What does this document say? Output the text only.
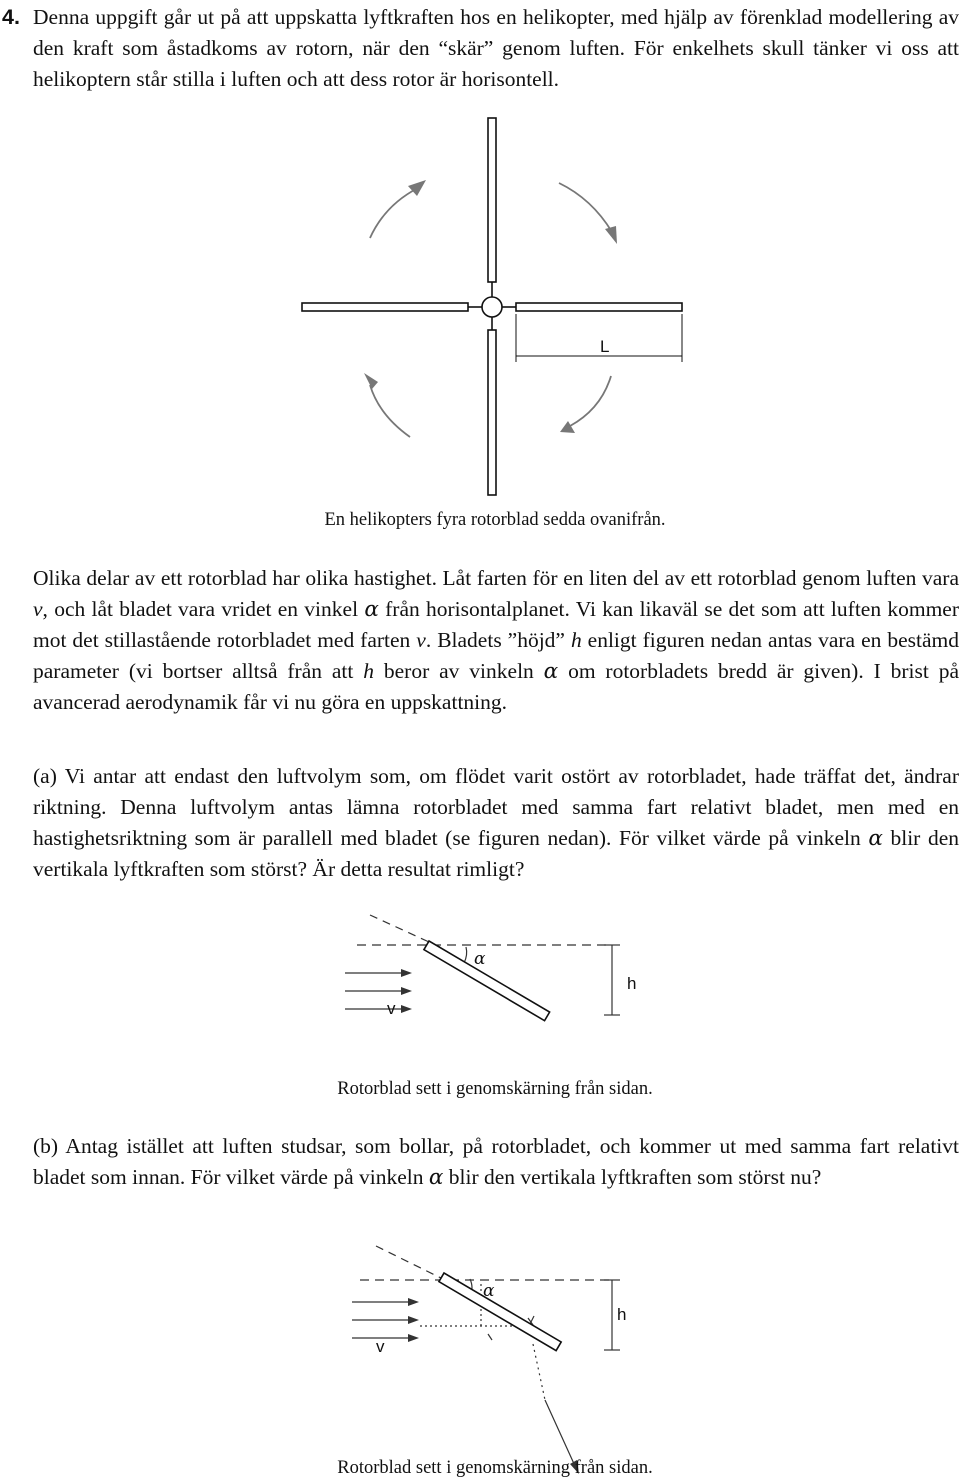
4. Denna uppgift går ut på att uppskatta lyftkraften hos en helikopter, med hjälp av förenklad modellering av den kraft som åstadkoms av rotorn, när den “skär” genom luften. För enkelhets skull tänker vi oss att helikoptern står stilla i luften och att dess rotor är horisontell.

L

En helikopters fyra rotorblad sedda ovanifrån.

Olika delar av ett rotorblad har olika hastighet. Låt farten för en liten del av ett rotorblad genom luften vara v, och låt bladet vara vridet en vinkel α från horisontalplanet. Vi kan likaväl se det som att luften kommer mot det stillastående rotorbladet med farten v. Bladets ”höjd” h enligt figuren nedan antas vara en bestämd parameter (vi bortser alltså från att h beror av vinkeln α om rotorbladets bredd är given). I brist på avancerad aerodynamik får vi nu göra en uppskattning.

(a) Vi antar att endast den luftvolym som, om flödet varit ostört av rotorbladet, hade träffat det, ändrar riktning. Denna luftvolym antas lämna rotorbladet med samma fart relativt bladet, men med en hastighetsriktning som är parallell med bladet (se figuren nedan). För vilket värde på vinkeln α blir den vertikala lyftkraften som störst? Är detta resultat rimligt?

α
h
v

Rotorblad sett i genomskärning från sidan.

(b) Antag istället att luften studsar, som bollar, på rotorbladet, och kommer ut med samma fart relativt bladet som innan. För vilket värde på vinkeln α blir den vertikala lyftkraften som störst nu?

α
h
v

Rotorblad sett i genomskärning från sidan.
